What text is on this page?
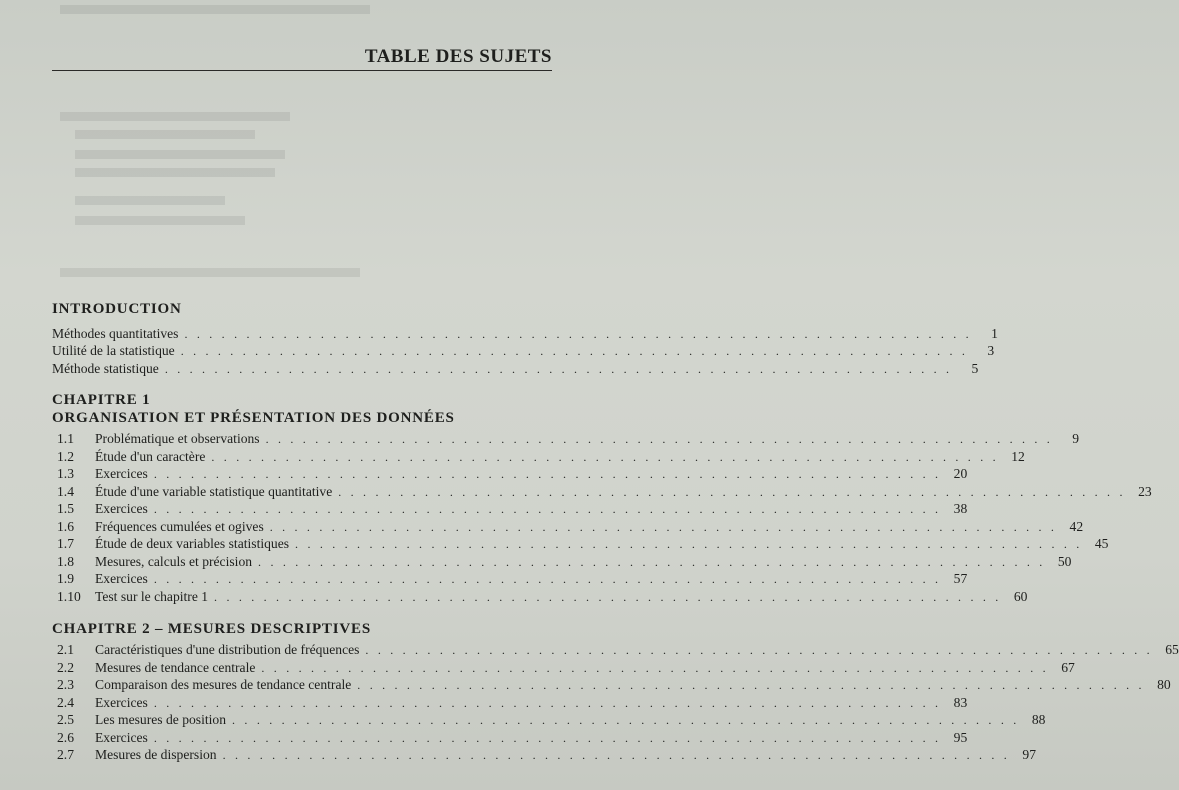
TABLE DES SUJETS
INTRODUCTION
Méthodes quantitatives . . . . . . . . . . . . . . . . . . . . . . . . . . . . . . . . . . . . . . . . . . . . . . . . . . . . . . . . . . . . . . . .	1
Utilité de la statistique . . . . . . . . . . . . . . . . . . . . . . . . . . . . . . . . . . . . . . . . . . . . . . . . . . . . . . . . . . . . . . . .	3
Méthode statistique . . . . . . . . . . . . . . . . . . . . . . . . . . . . . . . . . . . . . . . . . . . . . . . . . . . . . . . . . . . . . . . .	5
CHAPITRE 1
ORGANISATION ET PRÉSENTATION DES DONNÉES
1.1	Problématique et observations . . . . . . . . . . . . . . . . . . . . . . . . . . . . . . . . . . . . . . . . . . . . . . . . . . . . . . . . . . . . . . . .	9
1.2	Étude d'un caractère . . . . . . . . . . . . . . . . . . . . . . . . . . . . . . . . . . . . . . . . . . . . . . . . . . . . . . . . . . . . . . . . 12
1.3	Exercices . . . . . . . . . . . . . . . . . . . . . . . . . . . . . . . . . . . . . . . . . . . . . . . . . . . . . . . . . . . . . . . . 20
1.4	Étude d'une variable statistique quantitative . . . . . . . . . . . . . . . . . . . . . . . . . . . . . . . . . . . . . . . . . . . . . . . . . . . . . . . . . . . . . . . . 23
1.5	Exercices . . . . . . . . . . . . . . . . . . . . . . . . . . . . . . . . . . . . . . . . . . . . . . . . . . . . . . . . . . . . . . . . 38
1.6	Fréquences cumulées et ogives . . . . . . . . . . . . . . . . . . . . . . . . . . . . . . . . . . . . . . . . . . . . . . . . . . . . . . . . . . . . . . . . 42
1.7	Étude de deux variables statistiques . . . . . . . . . . . . . . . . . . . . . . . . . . . . . . . . . . . . . . . . . . . . . . . . . . . . . . . . . . . . . . . . 45
1.8	Mesures, calculs et précision . . . . . . . . . . . . . . . . . . . . . . . . . . . . . . . . . . . . . . . . . . . . . . . . . . . . . . . . . . . . . . . . 50
1.9	Exercices . . . . . . . . . . . . . . . . . . . . . . . . . . . . . . . . . . . . . . . . . . . . . . . . . . . . . . . . . . . . . . . . 57
1.10	Test sur le chapitre 1 . . . . . . . . . . . . . . . . . . . . . . . . . . . . . . . . . . . . . . . . . . . . . . . . . . . . . . . . . . . . . . . . 60
CHAPITRE 2 – MESURES DESCRIPTIVES
2.1	Caractéristiques d'une distribution de fréquences . . . . . . . . . . . . . . . . . . . . . . . . . . . . . . . . . . . . . . . . . . . . . . . . . . . . . . . . . . . . . . . . 65
2.2	Mesures de tendance centrale . . . . . . . . . . . . . . . . . . . . . . . . . . . . . . . . . . . . . . . . . . . . . . . . . . . . . . . . . . . . . . . . 67
2.3	Comparaison des mesures de tendance centrale . . . . . . . . . . . . . . . . . . . . . . . . . . . . . . . . . . . . . . . . . . . . . . . . . . . . . . . . . . . . . . . . 80
2.4	Exercices . . . . . . . . . . . . . . . . . . . . . . . . . . . . . . . . . . . . . . . . . . . . . . . . . . . . . . . . . . . . . . . . 83
2.5	Les mesures de position . . . . . . . . . . . . . . . . . . . . . . . . . . . . . . . . . . . . . . . . . . . . . . . . . . . . . . . . . . . . . . . . 88
2.6	Exercices . . . . . . . . . . . . . . . . . . . . . . . . . . . . . . . . . . . . . . . . . . . . . . . . . . . . . . . . . . . . . . . . 95
2.7	Mesures de dispersion . . . . . . . . . . . . . . . . . . . . . . . . . . . . . . . . . . . . . . . . . . . . . . . . . . . . . . . . . . . . . . . . 97
